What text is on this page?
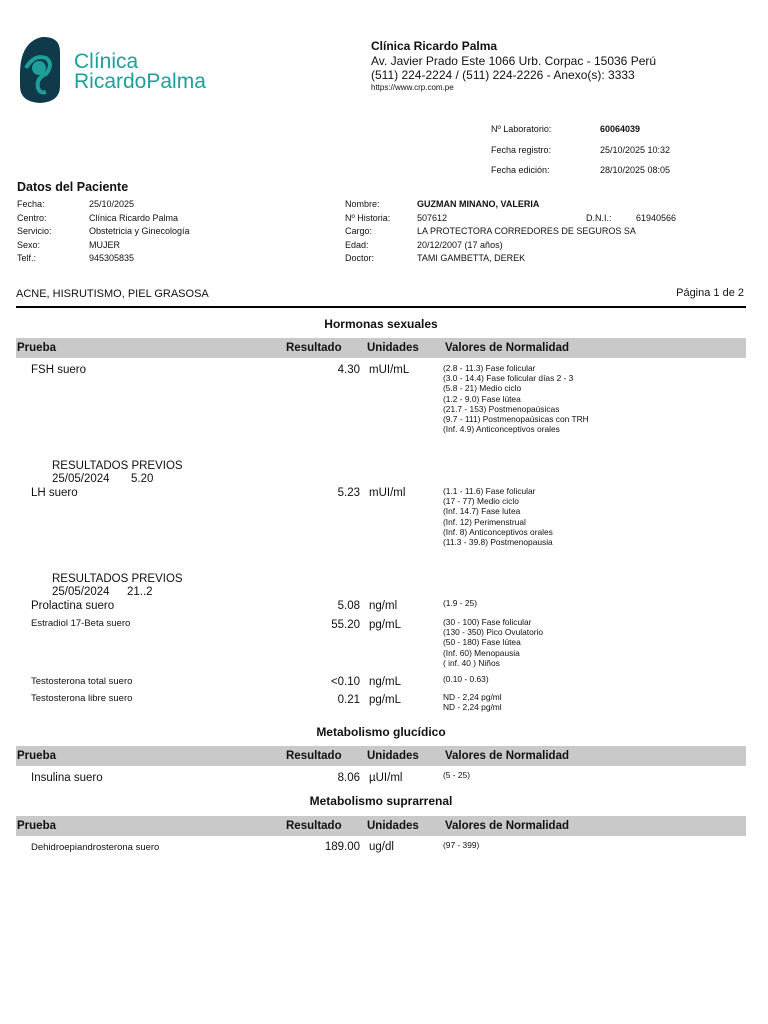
Clínica
RicardoPalma
Clínica Ricardo Palma
Av. Javier Prado Este 1066 Urb. Corpac - 15036 Perú
(511) 224-2224 / (511) 224-2226 - Anexo(s): 3333
https://www.crp.com.pe
Nº Laboratorio:	60064039
Fecha registro:	25/10/2025 10:32
Fecha edición:	28/10/2025 08:05
Datos del Paciente
Fecha:	25/10/2025
Centro:	Clínica Ricardo Palma
Servicio:	Obstetricia y Ginecología
Sexo:	MUJER
Telf.:	945305835
Nombre:	GUZMAN MINANO, VALERIA
Nº Historia:	507612	D.N.I.:	61940566
Cargo:	LA PROTECTORA CORREDORES DE SEGUROS SA
Edad:	20/12/2007 (17 años)
Doctor:	TAMI GAMBETTA, DEREK
ACNE, HISRUTISMO, PIEL GRASOSA	Página 1 de 2
Hormonas sexuales
Prueba	Resultado Unidades Valores de Normalidad
FSH suero	4.30 mUI/mL	(2.8 - 11.3) Fase folicular
(3.0 - 14.4) Fase folicular días 2 - 3
(5.8 - 21) Medio ciclo
(1.2 - 9.0) Fase lútea
(21.7 - 153) Postmenopaúsicas
(9.7 - 111) Postmenopaúsicas con TRH
(Inf. 4.9) Anticonceptivos orales
RESULTADOS PREVIOS
25/05/2024 5.20
LH suero	5.23 mUI/ml	(1.1 - 11.6) Fase folicular
(17 - 77) Medio ciclo
(Inf. 14.7) Fase lutea
(Inf. 12) Perimenstrual
(Inf. 8) Anticonceptivos orales
(11.3 - 39.8) Postmenopausia
RESULTADOS PREVIOS
25/05/2024 21..2
Prolactina suero	5.08 ng/ml	(1.9 - 25)
Estradiol 17-Beta suero	55.20 pg/mL	(30 - 100) Fase folicular
(130 - 350) Pico Ovulatorio
(50 - 180) Fase lútea
(Inf. 60) Menopausia
( inf. 40 ) Niños
Testosterona total suero	<0.10 ng/mL	(0.10 - 0.63)
Testosterona libre suero	0.21 pg/mL	ND - 2,24 pg/ml
ND - 2,24 pg/ml
Metabolismo glucídico
Prueba	Resultado Unidades Valores de Normalidad
Insulina suero	8.06 µUI/ml	(5 - 25)
Metabolismo suprarrenal
Prueba	Resultado Unidades Valores de Normalidad
Dehidroepiandrosterona suero	189.00 ug/dl	(97 - 399)
